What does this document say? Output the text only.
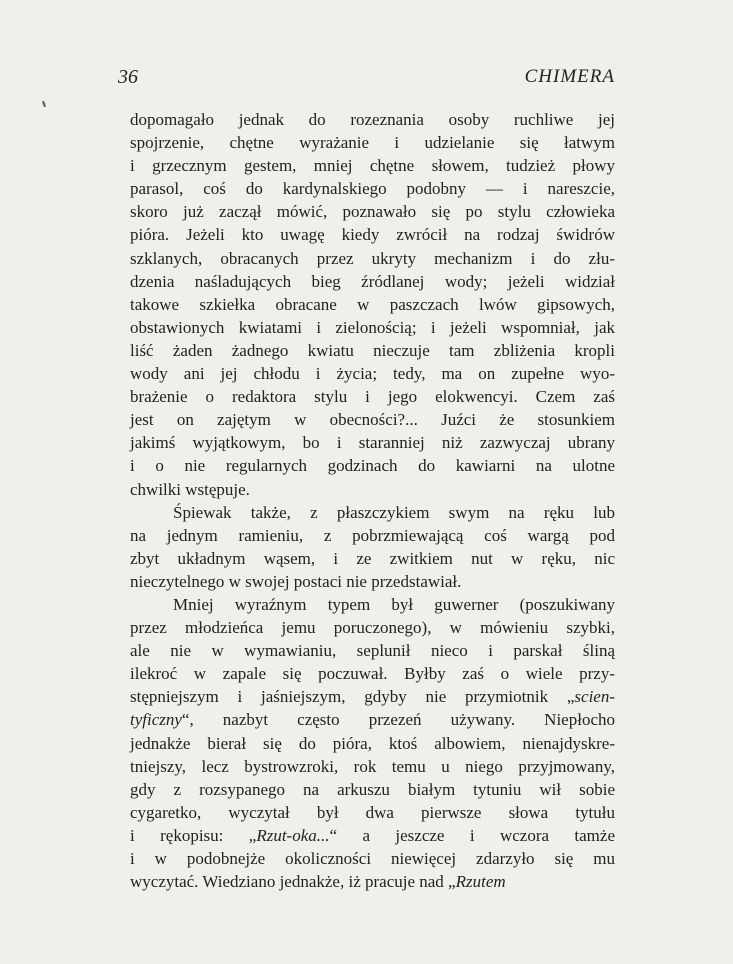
36	CHIMERA

dopomagało jednak do rozeznania osoby ruchliwe jej
spojrzenie, chętne wyrażanie i udzielanie się łatwym
i grzecznym gestem, mniej chętne słowem, tudzież płowy
parasol, coś do kardynalskiego podobny — i nareszcie,
skoro już zaczął mówić, poznawało się po stylu człowieka
pióra. Jeżeli kto uwagę kiedy zwrócił na rodzaj świdrów
szklanych, obracanych przez ukryty mechanizm i do złu-
dzenia naśladujących bieg źródlanej wody; jeżeli widział
takowe szkiełka obracane w paszczach lwów gipsowych,
obstawionych kwiatami i zielonością; i jeżeli wspomniał, jak
liść żaden żadnego kwiatu nieczuje tam zbliżenia kropli
wody ani jej chłodu i życia; tedy, ma on zupełne wyo-
brażenie o redaktora stylu i jego elokwencyi. Czem zaś
jest on zajętym w obecności?... Juźci że stosunkiem
jakimś wyjątkowym, bo i staranniej niż zazwyczaj ubrany
i o nie regularnych godzinach do kawiarni na ulotne
chwilki wstępuje.

Śpiewak także, z płaszczykiem swym na ręku lub
na jednym ramieniu, z pobrzmiewającą coś wargą pod
zbyt układnym wąsem, i ze zwitkiem nut w ręku, nic
nieczytelnego w swojej postaci nie przedstawiał.

Mniej wyraźnym typem był guwerner (poszukiwany
przez młodzieńca jemu poruczonego), w mówieniu szybki,
ale nie w wymawianiu, seplunił nieco i parskał śliną
ilekroć w zapale się poczuwał. Byłby zaś o wiele przy-
stępniejszym i jaśniejszym, gdyby nie przymiotnik „scien-
tyficzny“, nazbyt często przezeń używany. Niepłocho
jednakże bierał się do pióra, ktoś albowiem, nienajdyskre-
tniejszy, lecz bystrowzroki, rok temu u niego przyjmowany,
gdy z rozsypanego na arkuszu białym tytuniu wił sobie
cygaretko, wyczytał był dwa pierwsze słowa tytułu
i rękopisu: „Rzut-oka...“ a jeszcze i wczora tamże
i w podobnejże okoliczności niewięcej zdarzyło się mu
wyczytać. Wiedziano jednakże, iż pracuje nad „Rzutem
